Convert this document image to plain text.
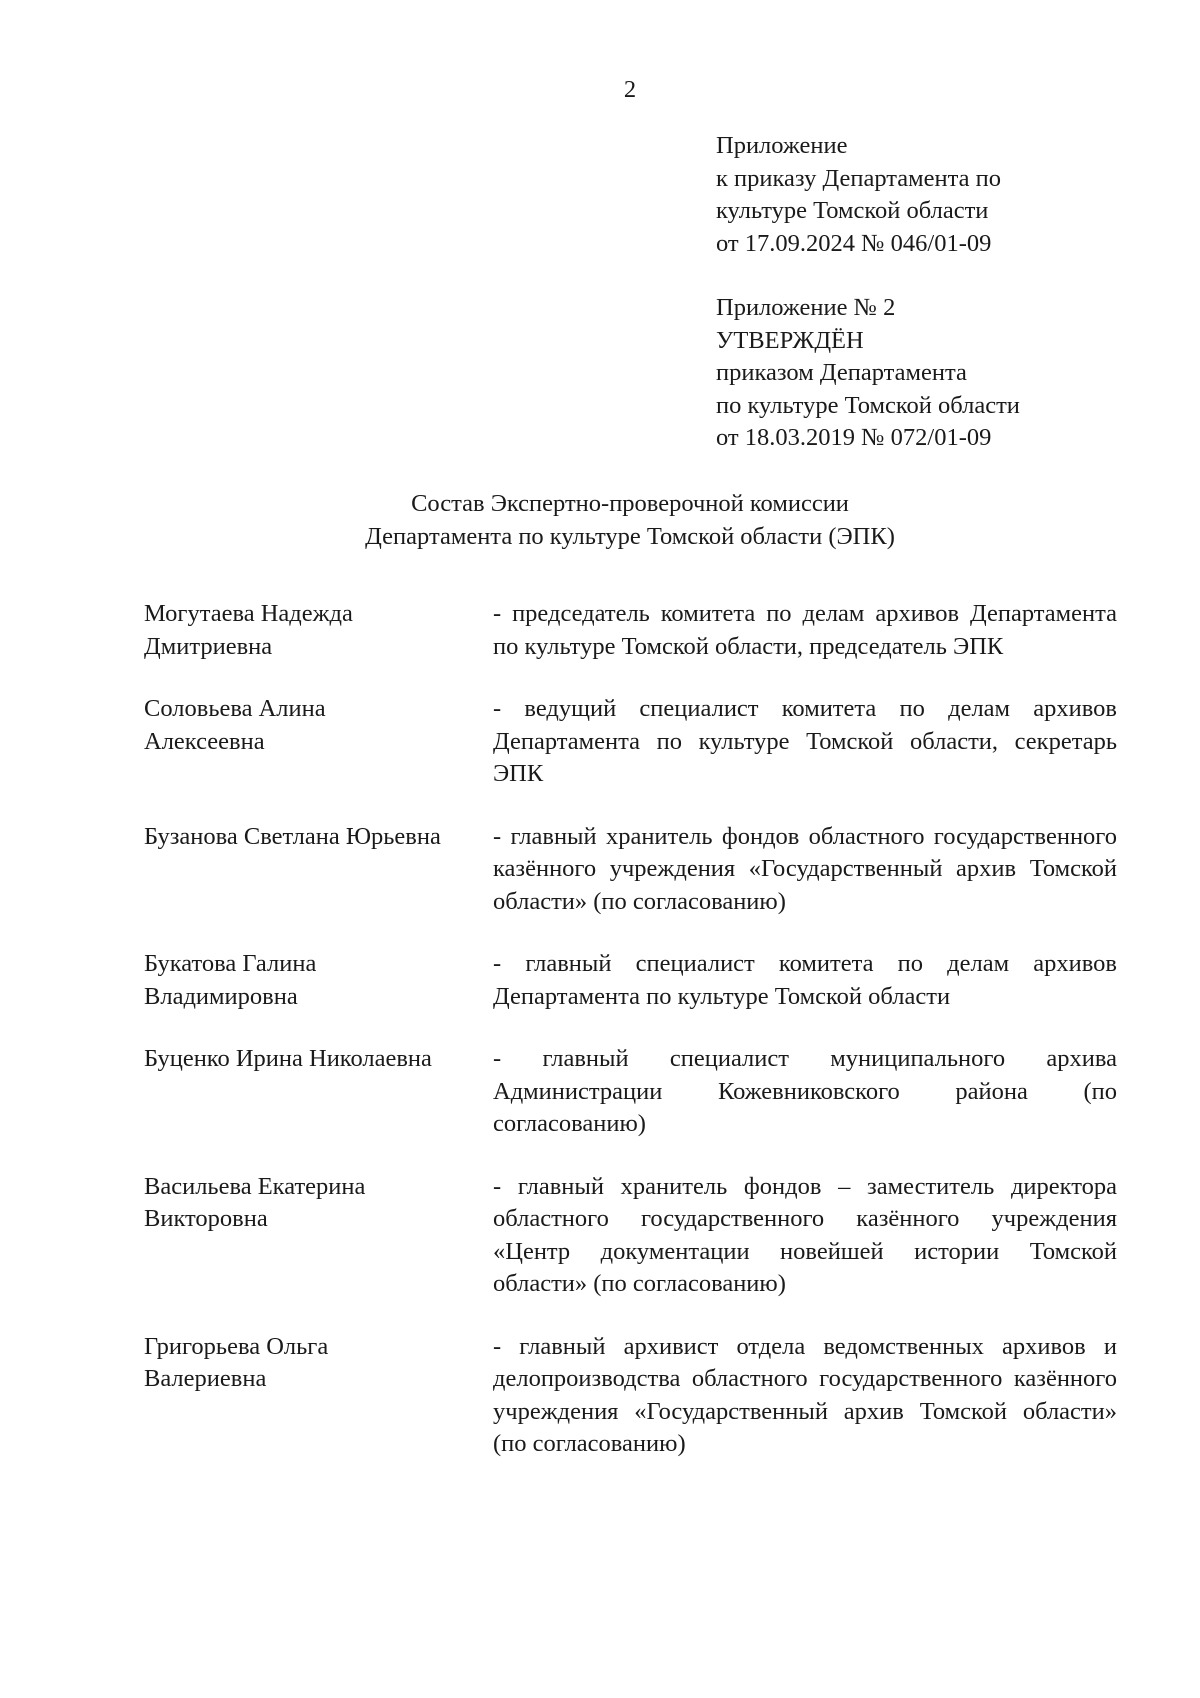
2
Приложение
к приказу Департамента по
культуре Томской области
от 17.09.2024 № 046/01-09
Приложение № 2
УТВЕРЖДЁН
приказом Департамента
по культуре Томской области
от 18.03.2019 № 072/01-09
Состав Экспертно-проверочной комиссии
Департамента по культуре Томской области (ЭПК)
Могутаева Надежда
Дмитриевна
- председатель комитета по делам архивов Департамента по культуре Томской области, председатель ЭПК
Соловьева Алина
Алексеевна
- ведущий специалист комитета по делам архивов Департамента по культуре Томской области, секретарь ЭПК
Бузанова Светлана Юрьевна	- главный хранитель фондов областного государственного казённого учреждения «Государственный архив Томской области» (по согласованию)
Букатова Галина
Владимировна
- главный специалист комитета по делам архивов Департамента по культуре Томской области
Буценко Ирина Николаевна	- главный специалист муниципального архива Администрации Кожевниковского района (по согласованию)
Васильева Екатерина
Викторовна
- главный хранитель фондов – заместитель директора областного государственного казённого учреждения «Центр документации новейшей истории Томской области» (по согласованию)
Григорьева Ольга
Валериевна
- главный архивист отдела ведомственных архивов и делопроизводства областного государственного казённого учреждения «Государственный архив Томской области» (по согласованию)
